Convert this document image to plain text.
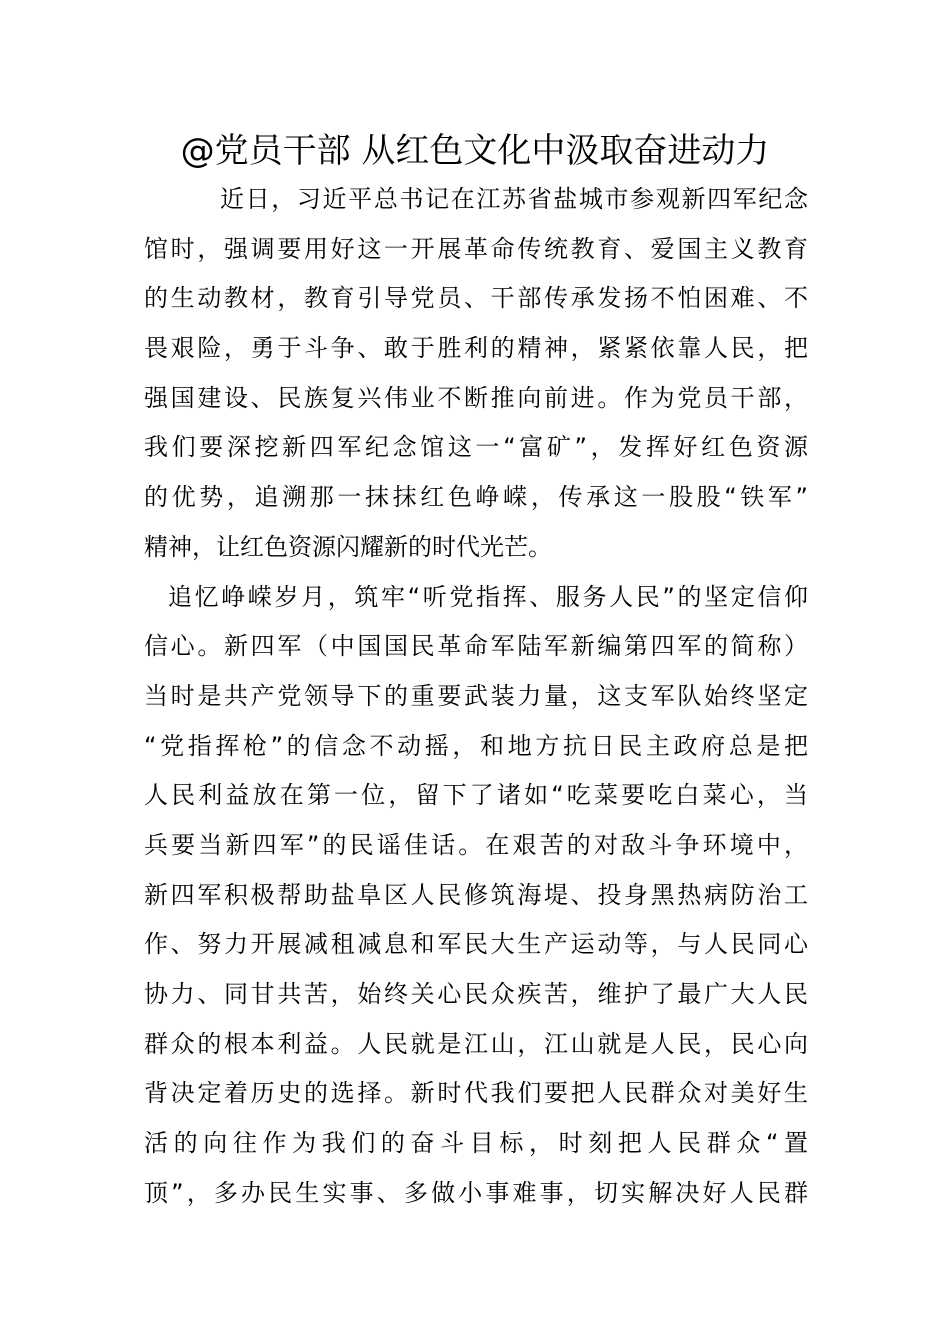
@党员干部 从红色文化中汲取奋进动力
近日，习近平总书记在江苏省盐城市参观新四军纪念
馆时，强调要用好这一开展革命传统教育、爱国主义教育
的生动教材，教育引导党员、干部传承发扬不怕困难、不
畏艰险，勇于斗争、敢于胜利的精神，紧紧依靠人民，把
强国建设、民族复兴伟业不断推向前进。作为党员干部，
我们要深挖新四军纪念馆这一“富矿”，发挥好红色资源
的优势，追溯那一抹抹红色峥嵘，传承这一股股“铁军”
精神，让红色资源闪耀新的时代光芒。
追忆峥嵘岁月，筑牢“听党指挥、服务人民”的坚定信仰
信心。新四军（中国国民革命军陆军新编第四军的简称）
当时是共产党领导下的重要武装力量，这支军队始终坚定
“党指挥枪”的信念不动摇，和地方抗日民主政府总是把
人民利益放在第一位，留下了诸如“吃菜要吃白菜心，当
兵要当新四军”的民谣佳话。在艰苦的对敌斗争环境中，
新四军积极帮助盐阜区人民修筑海堤、投身黑热病防治工
作、努力开展减租减息和军民大生产运动等，与人民同心
协力、同甘共苦，始终关心民众疾苦，维护了最广大人民
群众的根本利益。人民就是江山，江山就是人民，民心向
背决定着历史的选择。新时代我们要把人民群众对美好生
活的向往作为我们的奋斗目标，时刻把人民群众“置
顶”，多办民生实事、多做小事难事，切实解决好人民群
